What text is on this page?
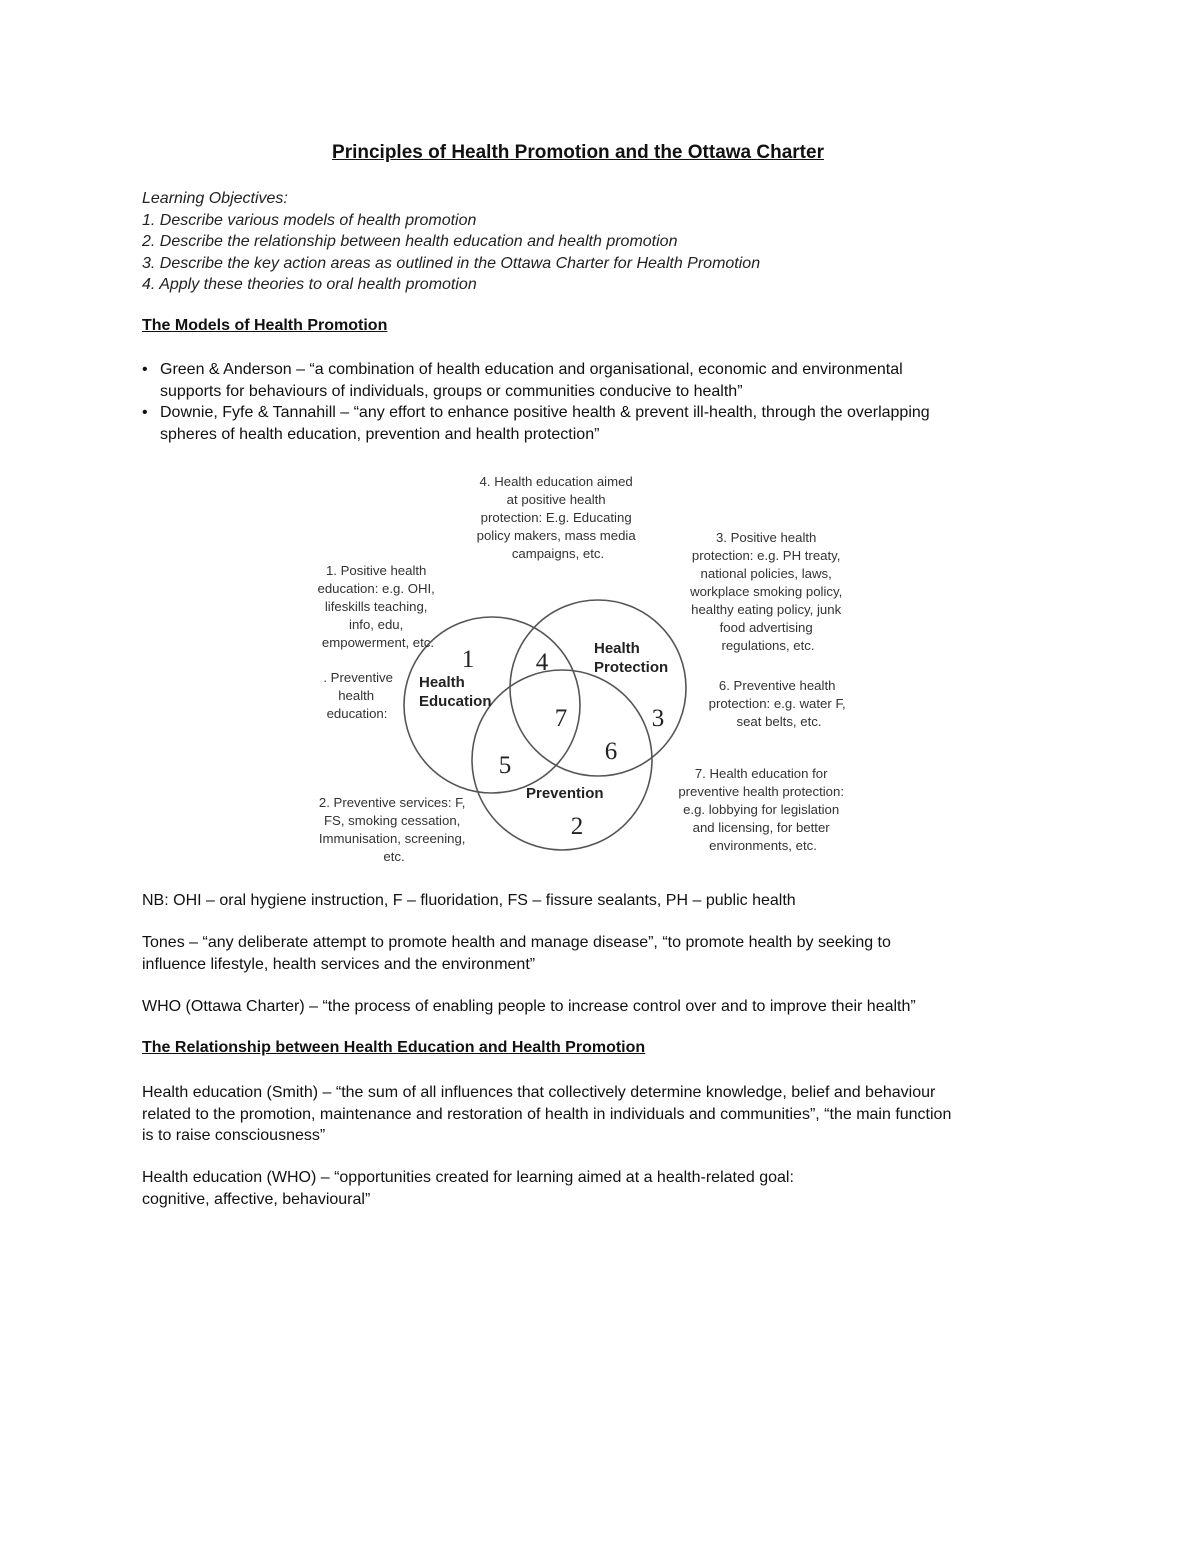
Principles of Health Promotion and the Ottawa Charter
Learning Objectives:
1. Describe various models of health promotion
2. Describe the relationship between health education and health promotion
3. Describe the key action areas as outlined in the Ottawa Charter for Health Promotion
4. Apply these theories to oral health promotion
The Models of Health Promotion
• Green & Anderson – “a combination of health education and organisational, economic and environmental
supports for behaviours of individuals, groups or communities conducive to health”
• Downie, Fyfe & Tannahill – “any effort to enhance positive health & prevent ill-health, through the overlapping
spheres of health education, prevention and health protection”
Health Education
Health Protection
Prevention
1
2
3
4
5
6
7
1. Positive health education: e.g. OHI, lifeskills teaching, info, edu, empowerment, etc.
. Preventive health education:
2. Preventive services: F, FS, smoking cessation, Immunisation, screening, etc.
3. Positive health protection: e.g. PH treaty, national policies, laws, workplace smoking policy, healthy eating policy, junk food advertising regulations, etc.
4. Health education aimed at positive health protection: E.g. Educating policy makers, mass media campaigns, etc.
6. Preventive health protection: e.g. water F, seat belts, etc.
7. Health education for preventive health protection: e.g. lobbying for legislation and licensing, for better environments, etc.
NB: OHI – oral hygiene instruction, F – fluoridation, FS – fissure sealants, PH – public health
Tones – “any deliberate attempt to promote health and manage disease”, “to promote health by seeking to
influence lifestyle, health services and the environment”
WHO (Ottawa Charter) – “the process of enabling people to increase control over and to improve their health”
The Relationship between Health Education and Health Promotion
Health education (Smith) – “the sum of all influences that collectively determine knowledge, belief and behaviour
related to the promotion, maintenance and restoration of health in individuals and communities”, “the main function
is to raise consciousness”
Health education (WHO) – “opportunities created for learning aimed at a health-related goal:
cognitive, affective, behavioural”
